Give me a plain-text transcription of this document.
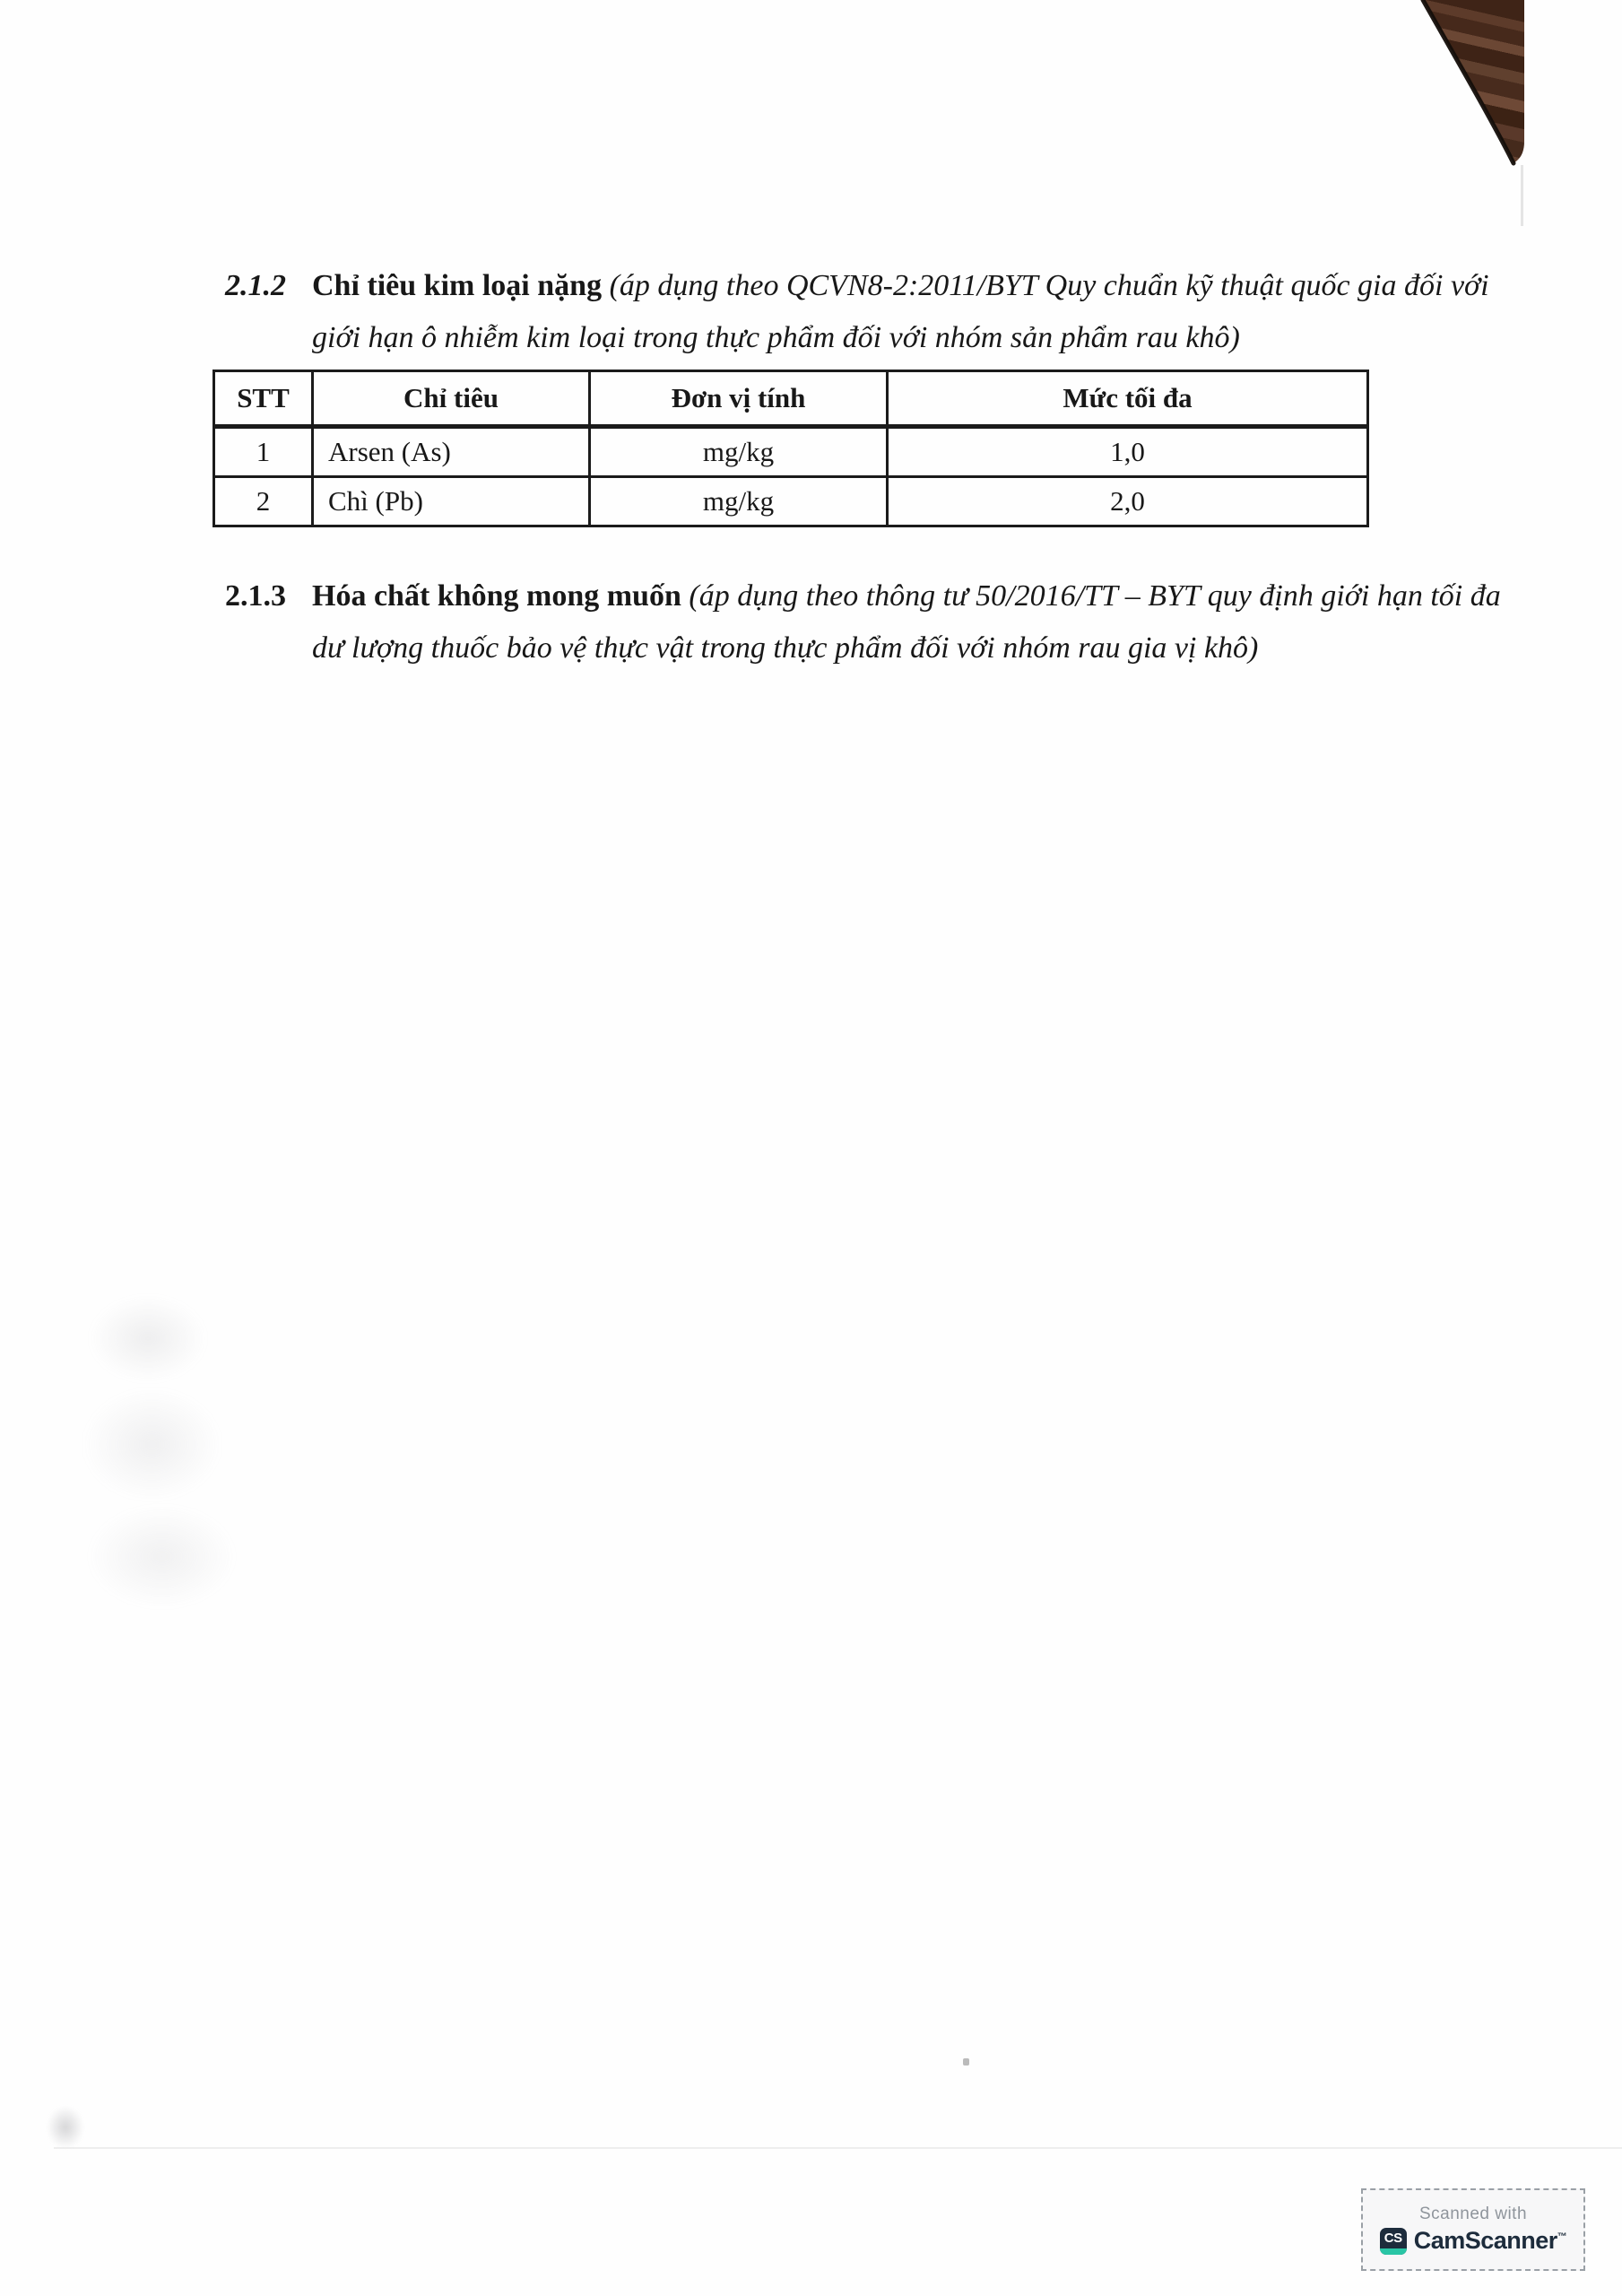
2.1.2 Chỉ tiêu kim loại nặng (áp dụng theo QCVN8-2:2011/BYT Quy chuẩn kỹ thuật quốc gia đối với
giới hạn ô nhiễm kim loại trong thực phẩm đối với nhóm sản phẩm rau khô)
STT	Chỉ tiêu	Đơn vị tính	Mức tối đa
1	Arsen (As)	mg/kg	1,0
2	Chì (Pb)	mg/kg	2,0
2.1.3 Hóa chất không mong muốn (áp dụng theo thông tư 50/2016/TT – BYT quy định giới hạn tối đa
dư lượng thuốc bảo vệ thực vật trong thực phẩm đối với nhóm rau gia vị khô)
Scanned with
CS CamScanner™
